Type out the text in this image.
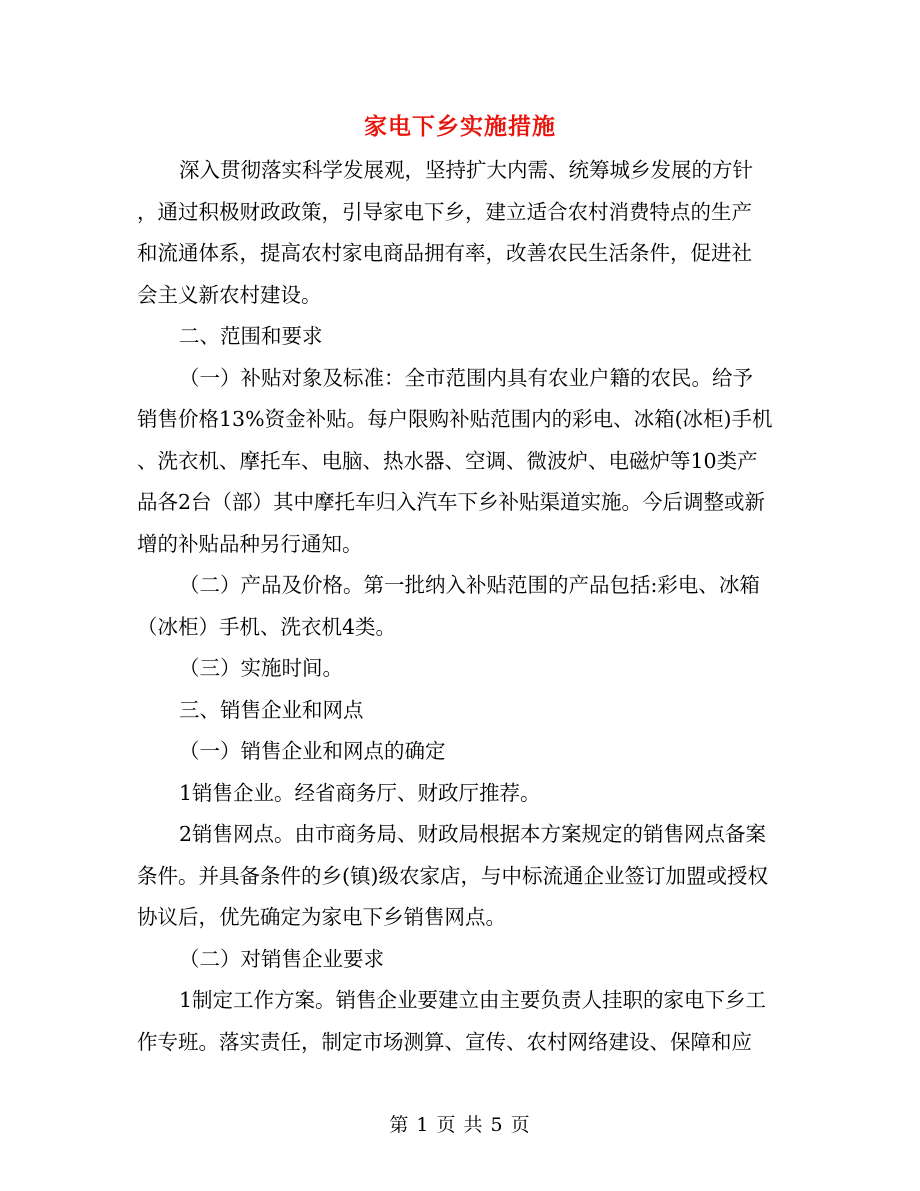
家电下乡实施措施

深入贯彻落实科学发展观，坚持扩大内需、统筹城乡发展的方针

，通过积极财政政策，引导家电下乡，建立适合农村消费特点的生产

和流通体系，提高农村家电商品拥有率，改善农民生活条件，促进社

会主义新农村建设。

二、范围和要求

（一）补贴对象及标准：全市范围内具有农业户籍的农民。给予

销售价格13%资金补贴。每户限购补贴范围内的彩电、冰箱(冰柜)手机

、洗衣机、摩托车、电脑、热水器、空调、微波炉、电磁炉等10类产

品各2台（部）其中摩托车归入汽车下乡补贴渠道实施。今后调整或新

增的补贴品种另行通知。

（二）产品及价格。第一批纳入补贴范围的产品包括:彩电、冰箱

（冰柜）手机、洗衣机4类。

（三）实施时间。

三、销售企业和网点

（一）销售企业和网点的确定

1销售企业。经省商务厅、财政厅推荐。

2销售网点。由市商务局、财政局根据本方案规定的销售网点备案

条件。并具备条件的乡(镇)级农家店，与中标流通企业签订加盟或授权

协议后，优先确定为家电下乡销售网点。

（二）对销售企业要求

1制定工作方案。销售企业要建立由主要负责人挂职的家电下乡工

作专班。落实责任，制定市场测算、宣传、农村网络建设、保障和应

第 1 页 共 5 页
